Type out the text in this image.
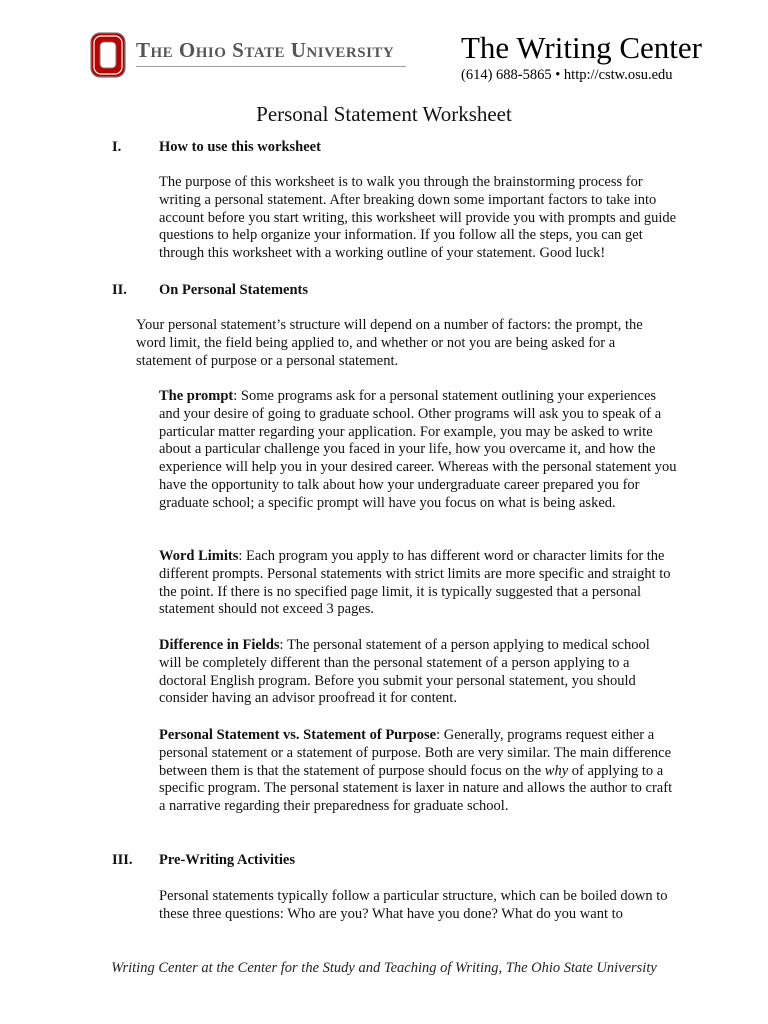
The Ohio State University The Writing Center
(614) 688-5865 • http://cstw.osu.edu
Personal Statement Worksheet
I.	How to use this worksheet
The purpose of this worksheet is to walk you through the brainstorming process for writing a personal statement. After breaking down some important factors to take into account before you start writing, this worksheet will provide you with prompts and guide questions to help organize your information. If you follow all the steps, you can get through this worksheet with a working outline of your statement. Good luck!
II. On Personal Statements
Your personal statement’s structure will depend on a number of factors: the prompt, the word limit, the field being applied to, and whether or not you are being asked for a statement of purpose or a personal statement.
The prompt: Some programs ask for a personal statement outlining your experiences and your desire of going to graduate school. Other programs will ask you to speak of a particular matter regarding your application. For example, you may be asked to write about a particular challenge you faced in your life, how you overcame it, and how the experience will help you in your desired career. Whereas with the personal statement you have the opportunity to talk about how your undergraduate career prepared you for graduate school; a specific prompt will have you focus on what is being asked.
Word Limits: Each program you apply to has different word or character limits for the different prompts. Personal statements with strict limits are more specific and straight to the point. If there is no specified page limit, it is typically suggested that a personal statement should not exceed 3 pages.
Difference in Fields: The personal statement of a person applying to medical school will be completely different than the personal statement of a person applying to a doctoral English program. Before you submit your personal statement, you should consider having an advisor proofread it for content.
Personal Statement vs. Statement of Purpose: Generally, programs request either a personal statement or a statement of purpose. Both are very similar. The main difference between them is that the statement of purpose should focus on the why of applying to a specific program. The personal statement is laxer in nature and allows the author to craft a narrative regarding their preparedness for graduate school.
III. Pre-Writing Activities
Personal statements typically follow a particular structure, which can be boiled down to these three questions: Who are you? What have you done? What do you want to
Writing Center at the Center for the Study and Teaching of Writing, The Ohio State University
